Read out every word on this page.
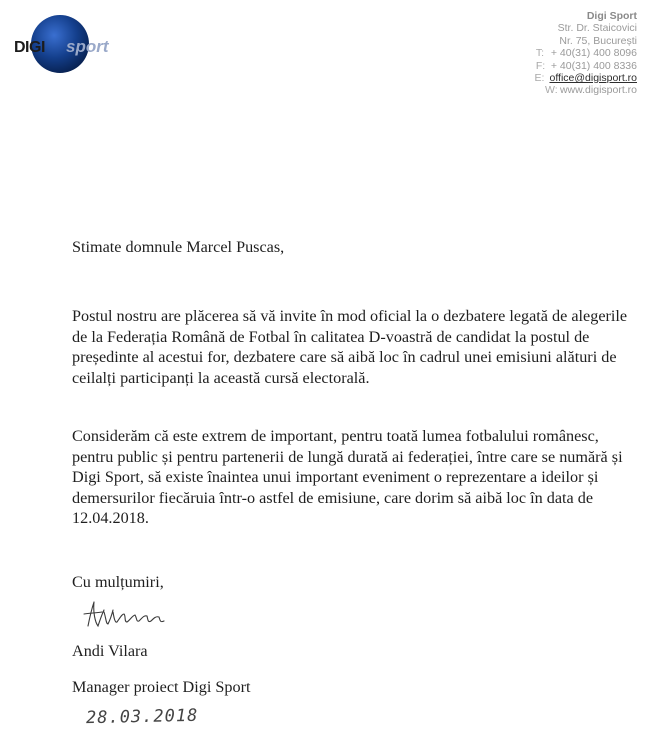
DIGI sport
Digi Sport
Str. Dr. Staicovici
Nr. 75, București
T: + 40(31) 400 8096
F: + 40(31) 400 8336
E: office@digisport.ro
W: www.digisport.ro

Stimate domnule Marcel Puscas,

Postul nostru are plăcerea să vă invite în mod oficial la o dezbatere legată de alegerile de la Federația Română de Fotbal în calitatea D-voastră de candidat la postul de președinte al acestui for, dezbatere care să aibă loc în cadrul unei emisiuni alături de ceilalți participanți la această cursă electorală.

Considerăm că este extrem de important, pentru toată lumea fotbalului românesc, pentru public și pentru partenerii de lungă durată ai federației, între care se numără și Digi Sport, să existe înaintea unui important eveniment o reprezentare a ideilor și demersurilor fiecăruia într-o astfel de emisiune, care dorim să aibă loc în data de 12.04.2018.

Cu mulțumiri,

Andi Vilara

Manager proiect Digi Sport

28.03.2018
